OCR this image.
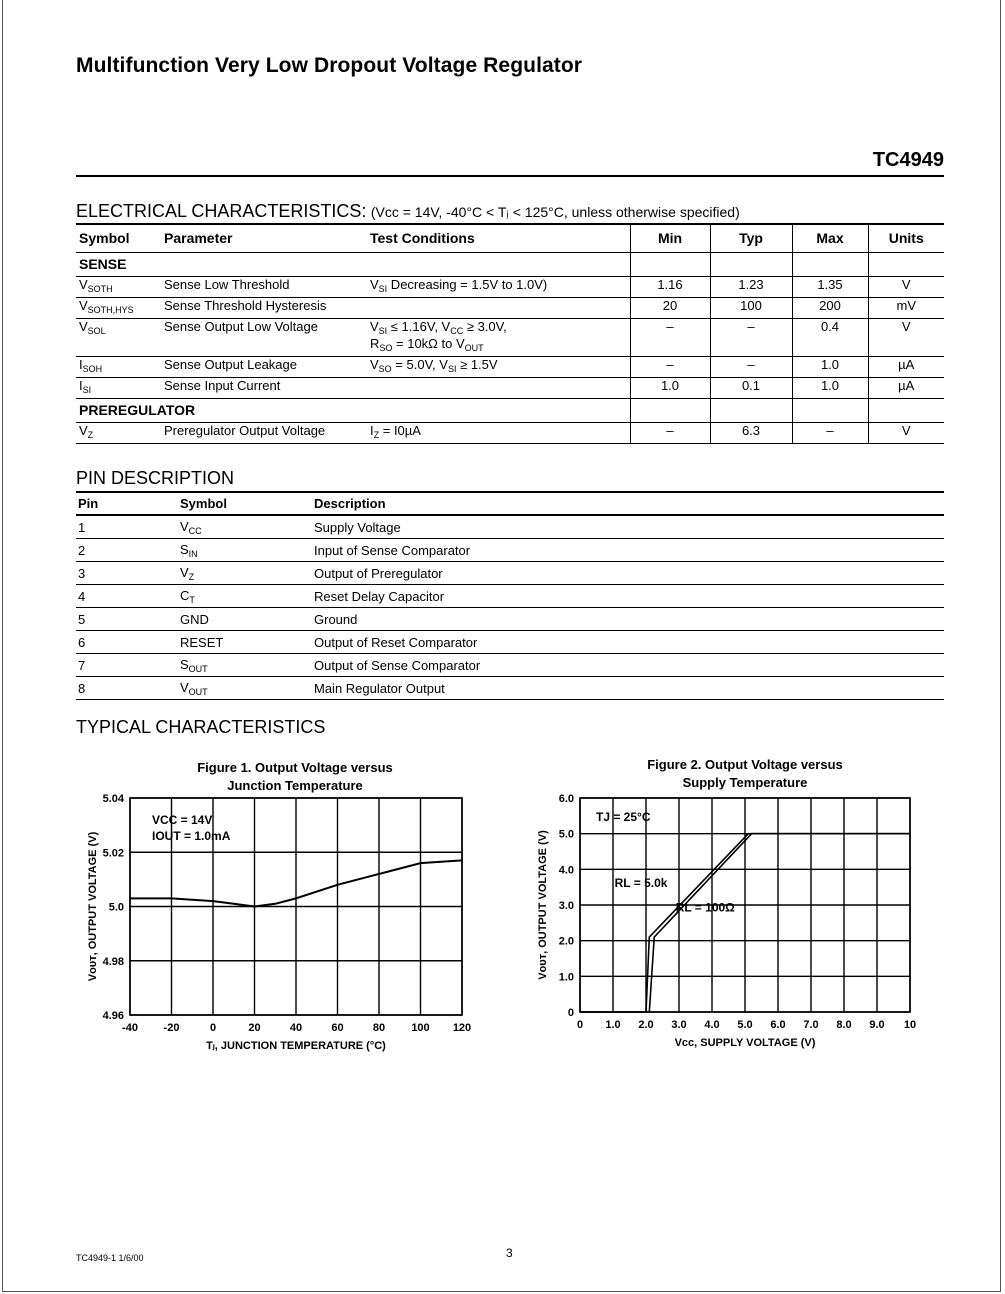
Multifunction Very Low Dropout Voltage Regulator
TC4949
ELECTRICAL CHARACTERISTICS: (Vᴄᴄ = 14V, -40°C < Tⱼ < 125°C, unless otherwise specified)
Symbol	Parameter	Test Conditions	Min	Typ	Max	Units
SENSE						
$V_{SOTH}$	Sense Low Threshold	$V_{SI}$ Decreasing = 1.5V to 1.0V)	1.16	1.23	1.35	V
$V_{SOTH,HYS}$	Sense Threshold Hysteresis		20	100	200	mV
$V_{SOL}$	Sense Output Low Voltage	$V_{SI} \le 1.16V$, $V_{CC} \ge 3.0V$,
$R_{SO} = 10k\Omega$ to $V_{OUT}$	–	–	0.4	V
$I_{SOH}$	Sense Output Leakage	$V_{SO} = 5.0V$, $V_{SI} \ge 1.5V$	–	–	1.0	µA
$I_{SI}$	Sense Input Current		1.0	0.1	1.0	µA
PREREGULATOR						
$V_Z$	Preregulator Output Voltage	$I_Z = I0\mu A$	–	6.3	–	V
PIN DESCRIPTION
Pin	Symbol	Description
1	$V_{CC}$	Supply Voltage
2	$S_{IN}$	Input of Sense Comparator
3	$V_Z$	Output of Preregulator
4	$C_T$	Reset Delay Capacitor
5	GND	Ground
6	RESET	Output of Reset Comparator
7	$S_{OUT}$	Output of Sense Comparator
8	$V_{OUT}$	Main Regulator Output
TYPICAL CHARACTERISTICS
Figure 1. Output Voltage versus
Junction Temperature
Figure 2. Output Voltage versus
Supply Temperature
4.96
4.98
5.0
5.02
5.04
-40 -20	0	20	40	60	80 100 120
Tⱼ, JUNCTION TEMPERATURE (°C)
Vᴏᴜᴛ, OUTPUT VOLTAGE (V)
VCC = 14V
IOUT = 1.0mA
0
1.0
2.0
3.0
4.0
5.0
6.0
0 1.0 2.0 3.0 4.0 5.0 6.0 7.0 8.0 9.0 10
Vᴄᴄ, SUPPLY VOLTAGE (V)
Vᴏᴜᴛ, OUTPUT VOLTAGE (V)
TJ = 25°C
RL = 5.0k
RL = 100Ω
TC4949-1 1/6/00	3
